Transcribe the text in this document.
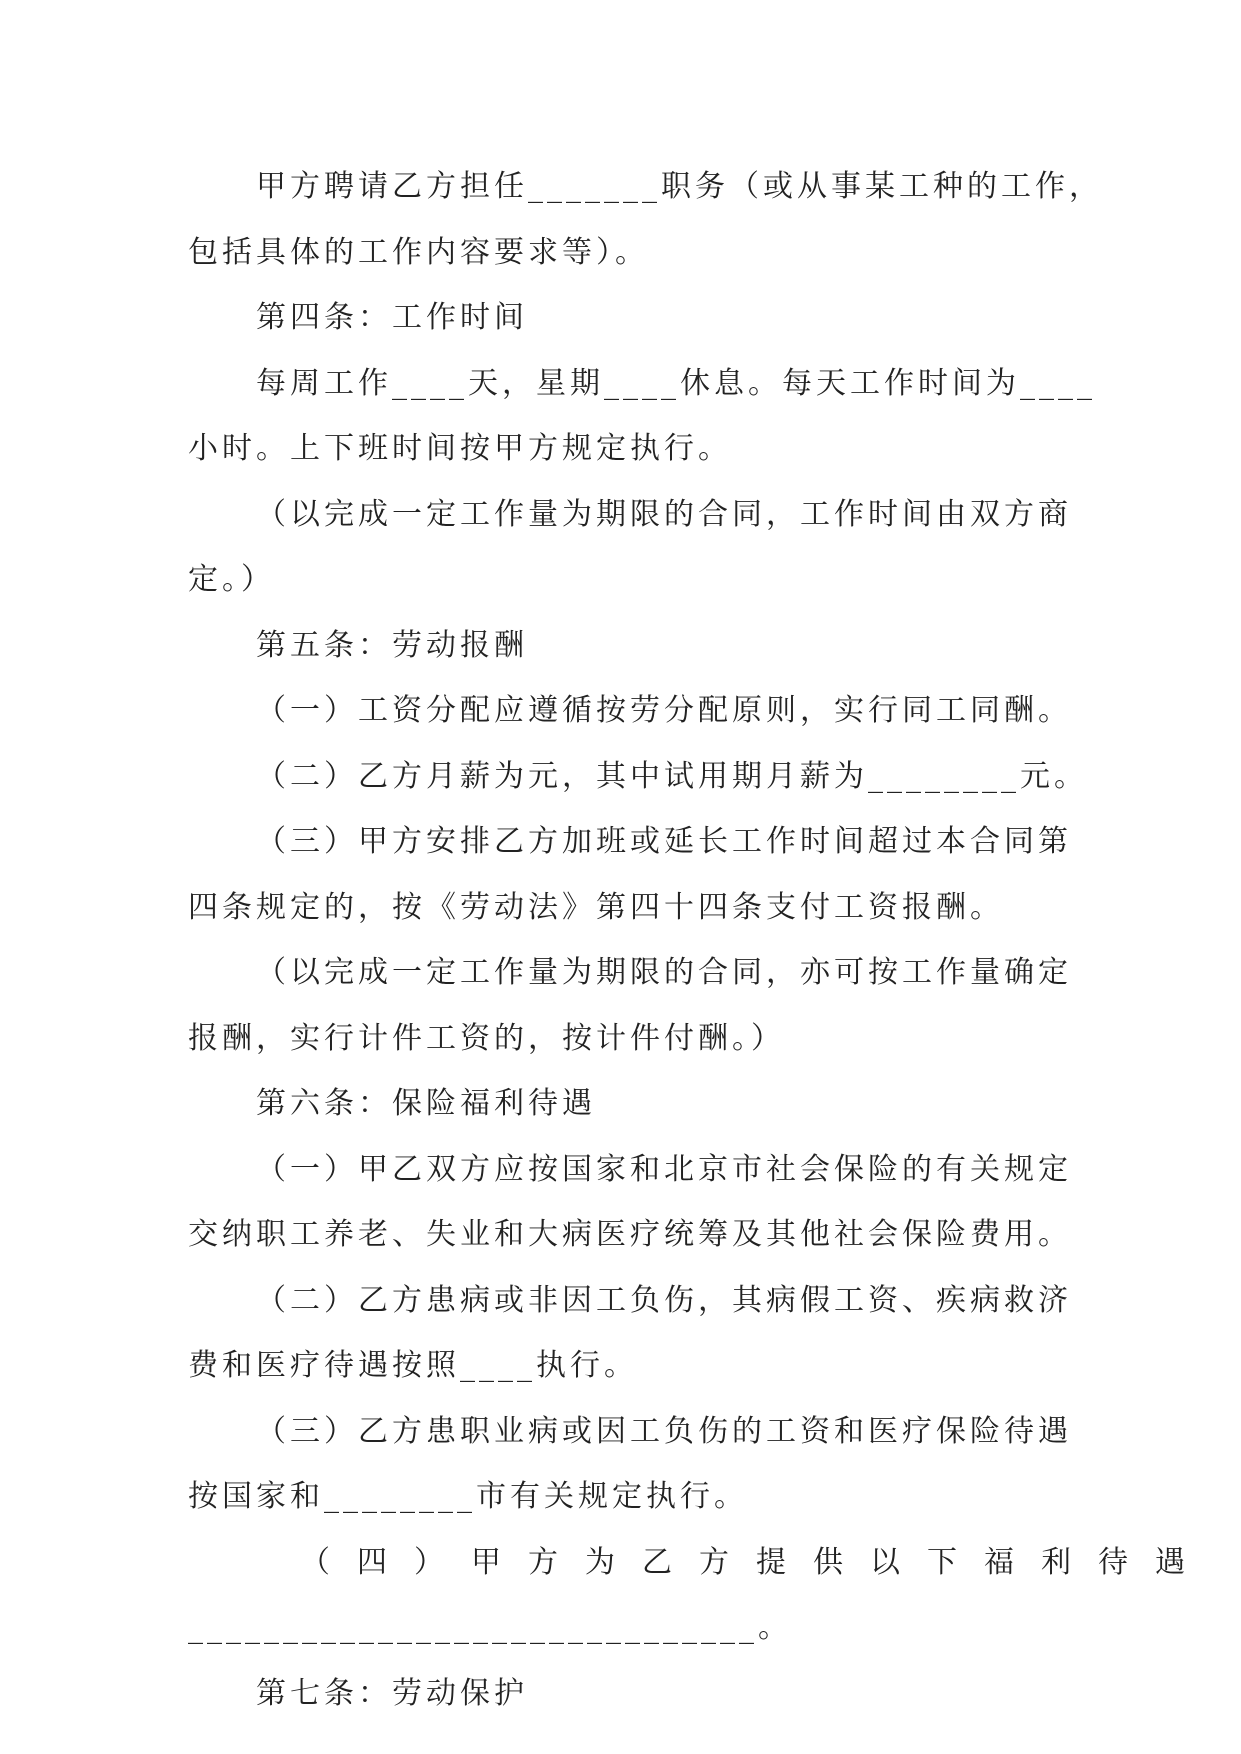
甲方聘请乙方担任_______职务（或从事某工种的工作，
包括具体的工作内容要求等）。
第四条：工作时间
每周工作____天，星期____休息。每天工作时间为____
小时。上下班时间按甲方规定执行。
（以完成一定工作量为期限的合同，工作时间由双方商
定。）
第五条：劳动报酬
（一）工资分配应遵循按劳分配原则，实行同工同酬。
（二）乙方月薪为元，其中试用期月薪为________元。
（三）甲方安排乙方加班或延长工作时间超过本合同第
四条规定的，按《劳动法》第四十四条支付工资报酬。
（以完成一定工作量为期限的合同，亦可按工作量确定
报酬，实行计件工资的，按计件付酬。）
第六条：保险福利待遇
（一）甲乙双方应按国家和北京市社会保险的有关规定
交纳职工养老、失业和大病医疗统筹及其他社会保险费用。
（二）乙方患病或非因工负伤，其病假工资、疾病救济
费和医疗待遇按照____执行。
（三）乙方患职业病或因工负伤的工资和医疗保险待遇
按国家和________市有关规定执行。
（四）甲方为乙方提供以下福利待遇
______________________________。
第七条：劳动保护
